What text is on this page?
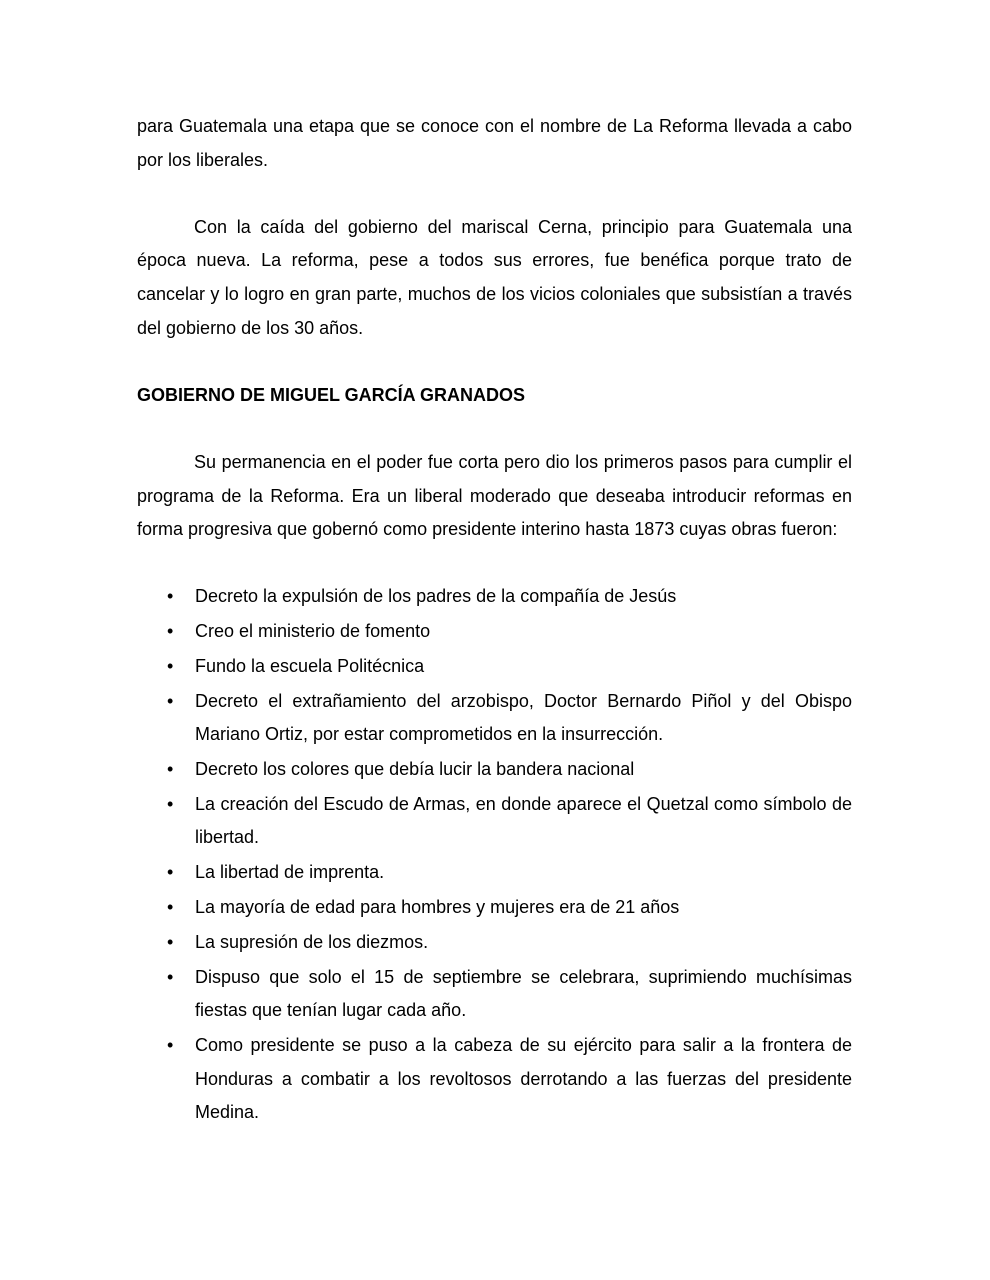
para Guatemala una etapa que se conoce con el nombre de La Reforma llevada a cabo por los liberales.

Con la caída del gobierno del mariscal Cerna, principio para Guatemala una época nueva. La reforma, pese a todos sus errores, fue benéfica porque trato de cancelar y lo logro en gran parte, muchos de los vicios coloniales que subsistían a través del gobierno de los 30 años.

GOBIERNO DE MIGUEL GARCÍA GRANADOS

Su permanencia en el poder fue corta pero dio los primeros pasos para cumplir el programa de la Reforma. Era un liberal moderado que deseaba introducir reformas en forma progresiva que gobernó como presidente interino hasta 1873 cuyas obras fueron:

• Decreto la expulsión de los padres de la compañía de Jesús
• Creo el ministerio de fomento
• Fundo la escuela Politécnica
• Decreto el extrañamiento del arzobispo, Doctor Bernardo Piñol y del Obispo Mariano Ortiz, por estar comprometidos en la insurrección.
• Decreto los colores que debía lucir la bandera nacional
• La creación del Escudo de Armas, en donde aparece el Quetzal como símbolo de libertad.
• La libertad de imprenta.
• La mayoría de edad para hombres y mujeres era de 21 años
• La supresión de los diezmos.
• Dispuso que solo el 15 de septiembre se celebrara, suprimiendo muchísimas fiestas que tenían lugar cada año.
• Como presidente se puso a la cabeza de su ejército para salir a la frontera de Honduras a combatir a los revoltosos derrotando a las fuerzas del presidente Medina.
